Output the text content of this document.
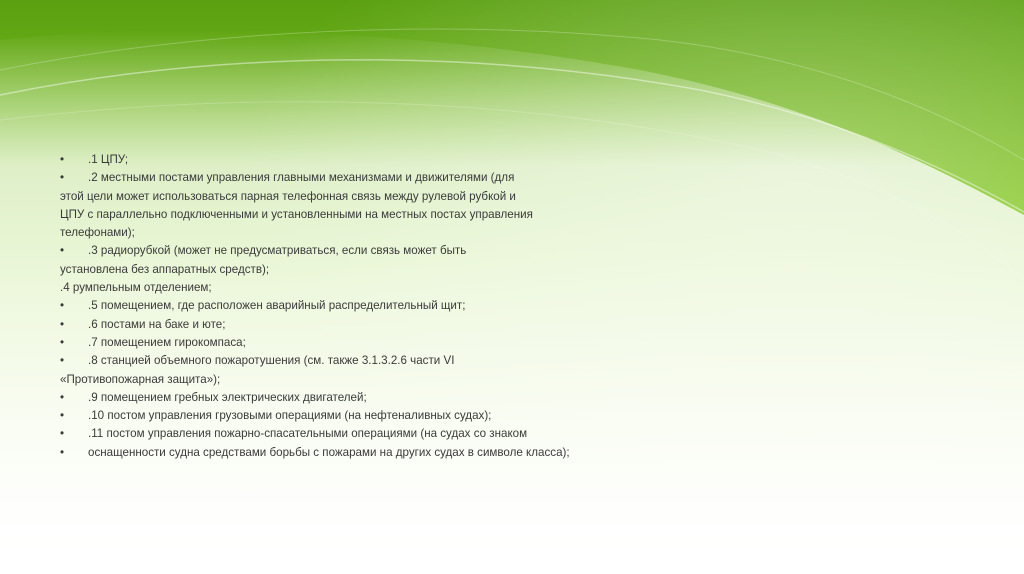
• .1 ЦПУ;
• .2 местными постами управления главными механизмами и движителями (для
этой цели может использоваться парная телефонная связь между рулевой рубкой и
ЦПУ с параллельно подключенными и установленными на местных постах управления
телефонами);
• .3 радиорубкой (может не предусматриваться, если связь может быть
установлена без аппаратных средств);
.4 румпельным отделением;
• .5 помещением, где расположен аварийный распределительный щит;
• .6 постами на баке и юте;
• .7 помещением гирокомпаса;
• .8 станцией объемного пожаротушения (см. также 3.1.3.2.6 части VI
«Противопожарная защита»);
• .9 помещением гребных электрических двигателей;
• .10 постом управления грузовыми операциями (на нефтеналивных судах);
• .11 постом управления пожарно-спасательными операциями (на судах со знаком
• оснащенности судна средствами борьбы с пожарами на других судах в символе класса);
